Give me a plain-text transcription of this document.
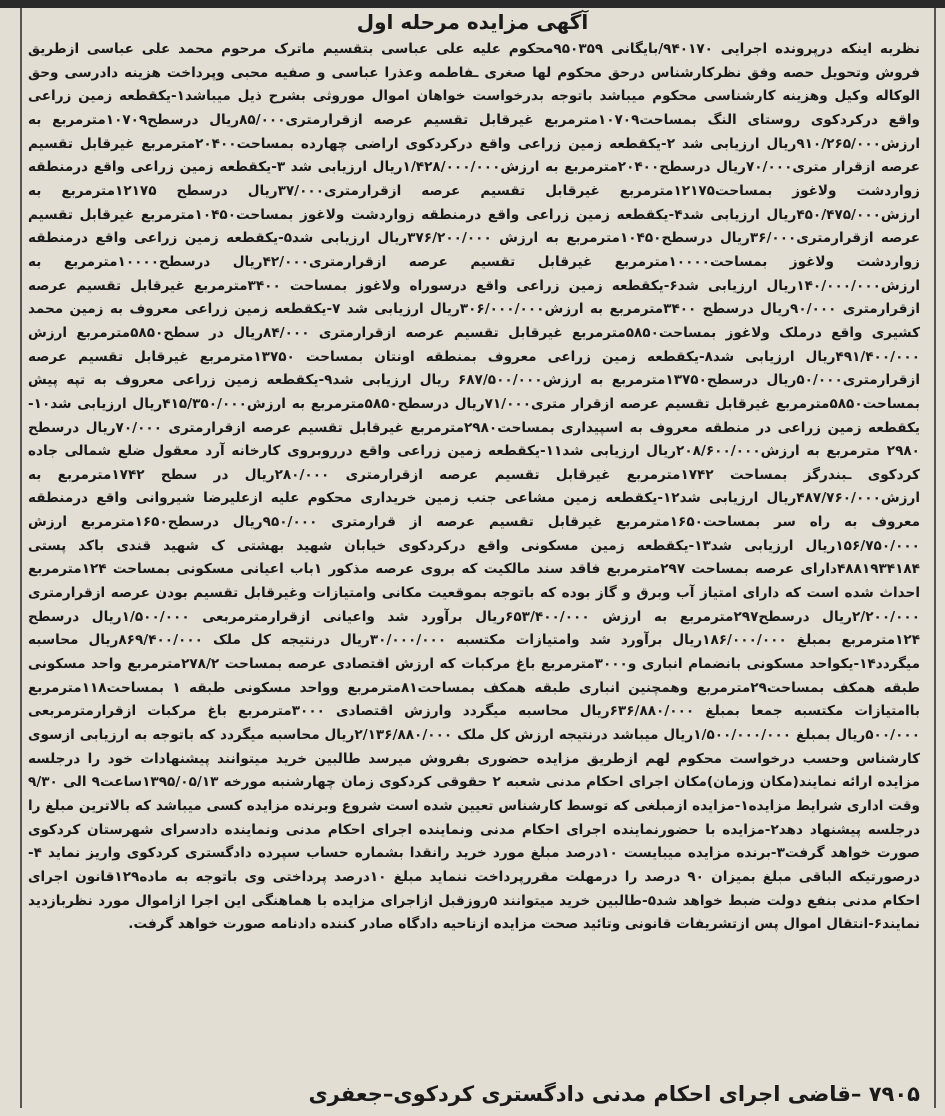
آگهی مزایده مرحله اول
نظربه اینکه درپرونده اجرایی ۹۴۰۱۷۰/بایگانی ۹۵۰۳۵۹محکوم علیه علی عباسی بتقسیم ماترک مرحوم محمد علی عباسی ازطریق فروش وتحویل حصه وفق نظرکارشناس درحق محکوم لها صغری ـفاطمه وعذرا عباسی و صفیه محبی وپرداخت هزینه دادرسی وحق الوکاله وکیل وهزینه کارشناسی محکوم میباشد باتوجه بدرخواست خواهان اموال موروثی بشرح ذیل میباشد۱-یکقطعه زمین زراعی واقع درکردکوی روستای النگ بمساحت۱۰۷۰۹مترمربع غیرقابل تقسیم عرصه ازقرارمتری۸۵/۰۰۰ریال درسطح۱۰۷۰۹مترمربع به ارزش۹۱۰/۲۶۵/۰۰۰ریال ارزیابی شد ۲-یکقطعه زمین زراعی واقع درکردکوی اراضی چهارده بمساحت۲۰۴۰۰مترمربع غیرقابل تقسیم عرصه ازقرار متری۷۰/۰۰۰ریال درسطح۲۰۴۰۰مترمربع به ارزش۱/۴۲۸/۰۰۰/۰۰۰ریال ارزیابی شد ۳-یکقطعه زمین زراعی واقع درمنطقه زواردشت ولاغوز بمساحت۱۲۱۷۵مترمربع غیرقابل تقسیم عرصه ازقرارمتری۳۷/۰۰۰ریال درسطح ۱۲۱۷۵مترمربع به ارزش۴۵۰/۴۷۵/۰۰۰ریال ارزیابی شد۴-یکقطعه زمین زراعی واقع درمنطقه زواردشت ولاغوز بمساحت۱۰۴۵۰مترمربع غیرقابل تقسیم عرصه ازقرارمتری۳۶/۰۰۰ریال درسطح۱۰۴۵۰مترمربع به ارزش ۳۷۶/۲۰۰/۰۰۰ریال ارزیابی شد۵-یکقطعه زمین زراعی واقع درمنطقه زواردشت ولاغوز بمساحت۱۰۰۰۰مترمربع غیرقابل تقسیم عرصه ازقرارمتری۴۲/۰۰۰ریال درسطح۱۰۰۰۰مترمربع به ارزش۱۴۰/۰۰۰/۰۰۰ریال ارزیابی شد۶-یکقطعه زمین زراعی واقع درسوراه ولاغوز بمساحت ۳۴۰۰مترمربع غیرقابل تقسیم عرصه ازقرارمتری ۹۰/۰۰۰ریال درسطح ۳۴۰۰مترمربع به ارزش۳۰۶/۰۰۰/۰۰۰ریال ارزیابی شد ۷-یکقطعه زمین زراعی معروف به زمین محمد کشیری واقع درملک ولاغوز بمساحت۵۸۵۰مترمربع غیرقابل تقسیم عرصه ازقرارمتری ۸۴/۰۰۰ریال در سطح۵۸۵۰مترمربع ارزش ۴۹۱/۴۰۰/۰۰۰ریال ارزیابی شد۸-یکقطعه زمین زراعی معروف بمنطقه اونتان بمساحت ۱۳۷۵۰مترمربع غیرقابل تقسیم عرصه ازقرارمتری۵۰/۰۰۰ریال درسطح۱۳۷۵۰مترمربع به ارزش۶۸۷/۵۰۰/۰۰۰ ریال ارزیابی شد۹-یکقطعه زمین زراعی معروف به تپه پیش بمساحت۵۸۵۰مترمربع غیرقابل تقسیم عرصه ازقرار متری۷۱/۰۰۰ریال درسطح۵۸۵۰مترمربع به ارزش۴۱۵/۳۵۰/۰۰۰ریال ارزیابی شد۱۰-یکقطعه زمین زراعی در منطقه معروف به اسپیداری بمساحت۲۹۸۰مترمربع غیرقابل تقسیم عرصه ازقرارمتری ۷۰/۰۰۰ریال درسطح ۲۹۸۰ مترمربع به ارزش۲۰۸/۶۰۰/۰۰۰ریال ارزیابی شد۱۱-یکقطعه زمین زراعی واقع درروبروی کارخانه آرد معقول ضلع شمالی جاده کردکوی ـبندرگز بمساحت ۱۷۴۲مترمربع غیرقابل تقسیم عرصه ازقرارمتری ۲۸۰/۰۰۰ریال در سطح ۱۷۴۲مترمربع به ارزش۴۸۷/۷۶۰/۰۰۰ریال ارزیابی شد۱۲-یکقطعه زمین مشاعی جنب زمین خریداری محکوم علیه ازعلیرضا شیروانی واقع درمنطقه معروف به راه سر بمساحت۱۶۵۰مترمربع غیرقابل تقسیم عرصه از قرارمتری ۹۵۰/۰۰۰ریال درسطح۱۶۵۰مترمربع ارزش ۱۵۶/۷۵۰/۰۰۰ریال ارزیابی شد۱۳-یکقطعه زمین مسکونی واقع درکردکوی خیابان شهید بهشتی ک شهید قندی باکد پستی ۴۸۸۱۹۳۴۱۸۴دارای عرصه بمساحت ۲۹۷مترمربع فاقد سند مالکیت که بروی عرصه مذکور ۱باب اعیانی مسکونی بمساحت ۱۲۴مترمربع احداث شده است که دارای امتیاز آب وبرق و گاز بوده که باتوجه بموقعیت مکانی وامتیازات وغیرقابل تقسیم بودن عرصه ازقرارمتری ۲/۲۰۰/۰۰۰ریال درسطح۲۹۷مترمربع به ارزش ۶۵۳/۴۰۰/۰۰۰ریال برآورد شد واعیانی ازقرارمترمربعی ۱/۵۰۰/۰۰۰ریال درسطح ۱۲۴مترمربع بمبلغ ۱۸۶/۰۰۰/۰۰۰ریال برآورد شد وامتیازات مکتسبه ۳۰/۰۰۰/۰۰۰ریال درنتیجه کل ملک ۸۶۹/۴۰۰/۰۰۰ریال محاسبه میگردد۱۴-یکواحد مسکونی بانضمام انباری و۳۰۰۰مترمربع باغ مرکبات که ارزش اقتصادی عرصه بمساحت ۲۷۸/۲مترمربع واحد مسکونی طبقه همکف بمساحت۲۹مترمربع وهمچنین انباری طبقه همکف بمساحت۸۱مترمربع وواحد مسکونی طبقه ۱ بمساحت۱۱۸مترمربع باامتیازات مکتسبه جمعا بمبلغ ۶۳۶/۸۸۰/۰۰۰ریال محاسبه میگردد وارزش اقتصادی ۳۰۰۰مترمربع باغ مرکبات ازقرارمترمربعی ۵۰۰/۰۰۰ریال بمبلغ ۱/۵۰۰/۰۰۰/۰۰۰ریال میباشد درنتیجه ارزش کل ملک ۲/۱۳۶/۸۸۰/۰۰۰ریال محاسبه میگردد که باتوجه به ارزیابی ازسوی کارشناس وحسب درخواست محکوم لهم ازطریق مزایده حضوری بفروش میرسد طالبین خرید میتوانند پیشنهادات خود را درجلسه مزایده ارائه نمایند(مکان وزمان)مکان اجرای احکام مدنی شعبه ۲ حقوقی کردکوی زمان چهارشنبه مورخه ۱۳۹۵/۰۵/۱۳ساعت۹ الی ۹/۳۰ وقت اداری شرایط مزایده۱-مزایده ازمبلغی که توسط کارشناس تعیین شده است شروع وبرنده مزایده کسی میباشد که بالاترین مبلغ را درجلسه پیشنهاد دهد۲-مزایده با حضورنماینده اجرای احکام مدنی ونماینده اجرای احکام مدنی ونماینده دادسرای شهرستان کردکوی صورت خواهد گرفت۳-برنده مزایده میبایست ۱۰درصد مبلغ مورد خرید رانقدا بشماره حساب سپرده دادگستری کردکوی واریز نماید ۴-درصورتیکه الباقی مبلغ بمیزان ۹۰ درصد را درمهلت مقررپرداخت ننماید مبلغ ۱۰درصد پرداختی وی باتوجه به ماده۱۲۹قانون اجرای احکام مدنی بنفع دولت ضبط خواهد شد۵-طالبین خرید میتوانند ۵روزقبل ازاجرای مزایده با هماهنگی این اجرا ازاموال مورد نظربازدید نمایند۶-انتقال اموال پس ازتشریفات قانونی وتائید صحت مزایده ازناحیه دادگاه صادر کننده دادنامه صورت خواهد گرفت.
۷۹۰۵ –قاضی اجرای احکام مدنی دادگستری کردکوی–جعفری
